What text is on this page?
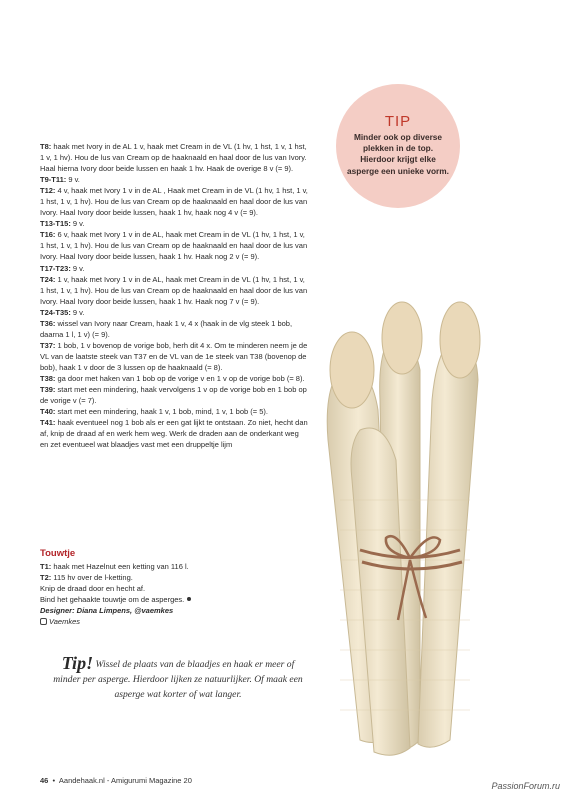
TIP
Minder ook op diverse plekken in de top. Hierdoor krijgt elke asperge een unieke vorm.

T8: haak met Ivory in de AL 1 v, haak met Cream in de VL (1 hv, 1 hst, 1 v, 1 hst, 1 v, 1 hv). Hou de lus van Cream op de haaknaald en haal door de lus van Ivory. Haal hierna Ivory door beide lussen en haak 1 hv. Haak de overige 8 v (= 9).

T9-T11: 9 v.

T12: 4 v, haak met Ivory 1 v in de AL , Haak met Cream in de VL (1 hv, 1 hst, 1 v, 1 hst, 1 v, 1 hv). Hou de lus van Cream op de haaknaald en haal door de lus van Ivory. Haal Ivory door beide lussen, haak 1 hv, haak nog 4 v (= 9).

T13-T15: 9 v.

T16: 6 v, haak met Ivory 1 v in de AL, haak met Cream in de VL (1 hv, 1 hst, 1 v, 1 hst, 1 v, 1 hv). Hou de lus van Cream op de haaknaald en haal door de lus van Ivory. Haal Ivory door beide lussen, haak 1 hv. Haak nog 2 v (= 9).

T17-T23: 9 v.

T24: 1 v, haak met Ivory 1 v in de AL, haak met Cream in de VL (1 hv, 1 hst, 1 v, 1 hst, 1 v, 1 hv). Hou de lus van Cream op de haaknaald en haal door de lus van Ivory. Haal Ivory door beide lussen, haak 1 hv. Haak nog 7 v (= 9).

T24-T35: 9 v.

T36: wissel van Ivory naar Cream, haak 1 v, 4 x (haak in de vlg steek 1 bob, daarna 1 l, 1 v) (= 9).

T37: 1 bob, 1 v bovenop de vorige bob, herh dit 4 x. Om te minderen neem je de VL van de laatste steek van T37 en de VL van de 1e steek van T38 (bovenop de bob), haak 1 v door de 3 lussen op de haaknaald (= 8).

T38: ga door met haken van 1 bob op de vorige v en 1 v op de vorige bob (= 8).

T39: start met een mindering, haak vervolgens 1 v op de vorige bob en 1 bob op de vorige v (= 7).

T40: start met een mindering, haak 1 v, 1 bob, mind, 1 v, 1 bob (= 5).

T41: haak eventueel nog 1 bob als er een gat lijkt te ontstaan. Zo niet, hecht dan af, knip de draad af en werk hem weg. Werk de draden aan de onderkant weg en zet eventueel wat blaadjes vast met een druppeltje lijm

Touwtje

T1: haak met Hazelnut een ketting van 116 l.

T2: 115 hv over de l-ketting.

Knip de draad door en hecht af.

Bind het gehaakte touwtje om de asperges.

Designer: Diana Limpens, @vaemkes

Vaemkes

Tip! Wissel de plaats van de blaadjes en haak er meer of minder per asperge. Hierdoor lijken ze natuurlijker. Of maak een asperge wat korter of wat langer.
46  •  Aandehaak.nl - Amigurumi Magazine 20
PassionForum.ru
